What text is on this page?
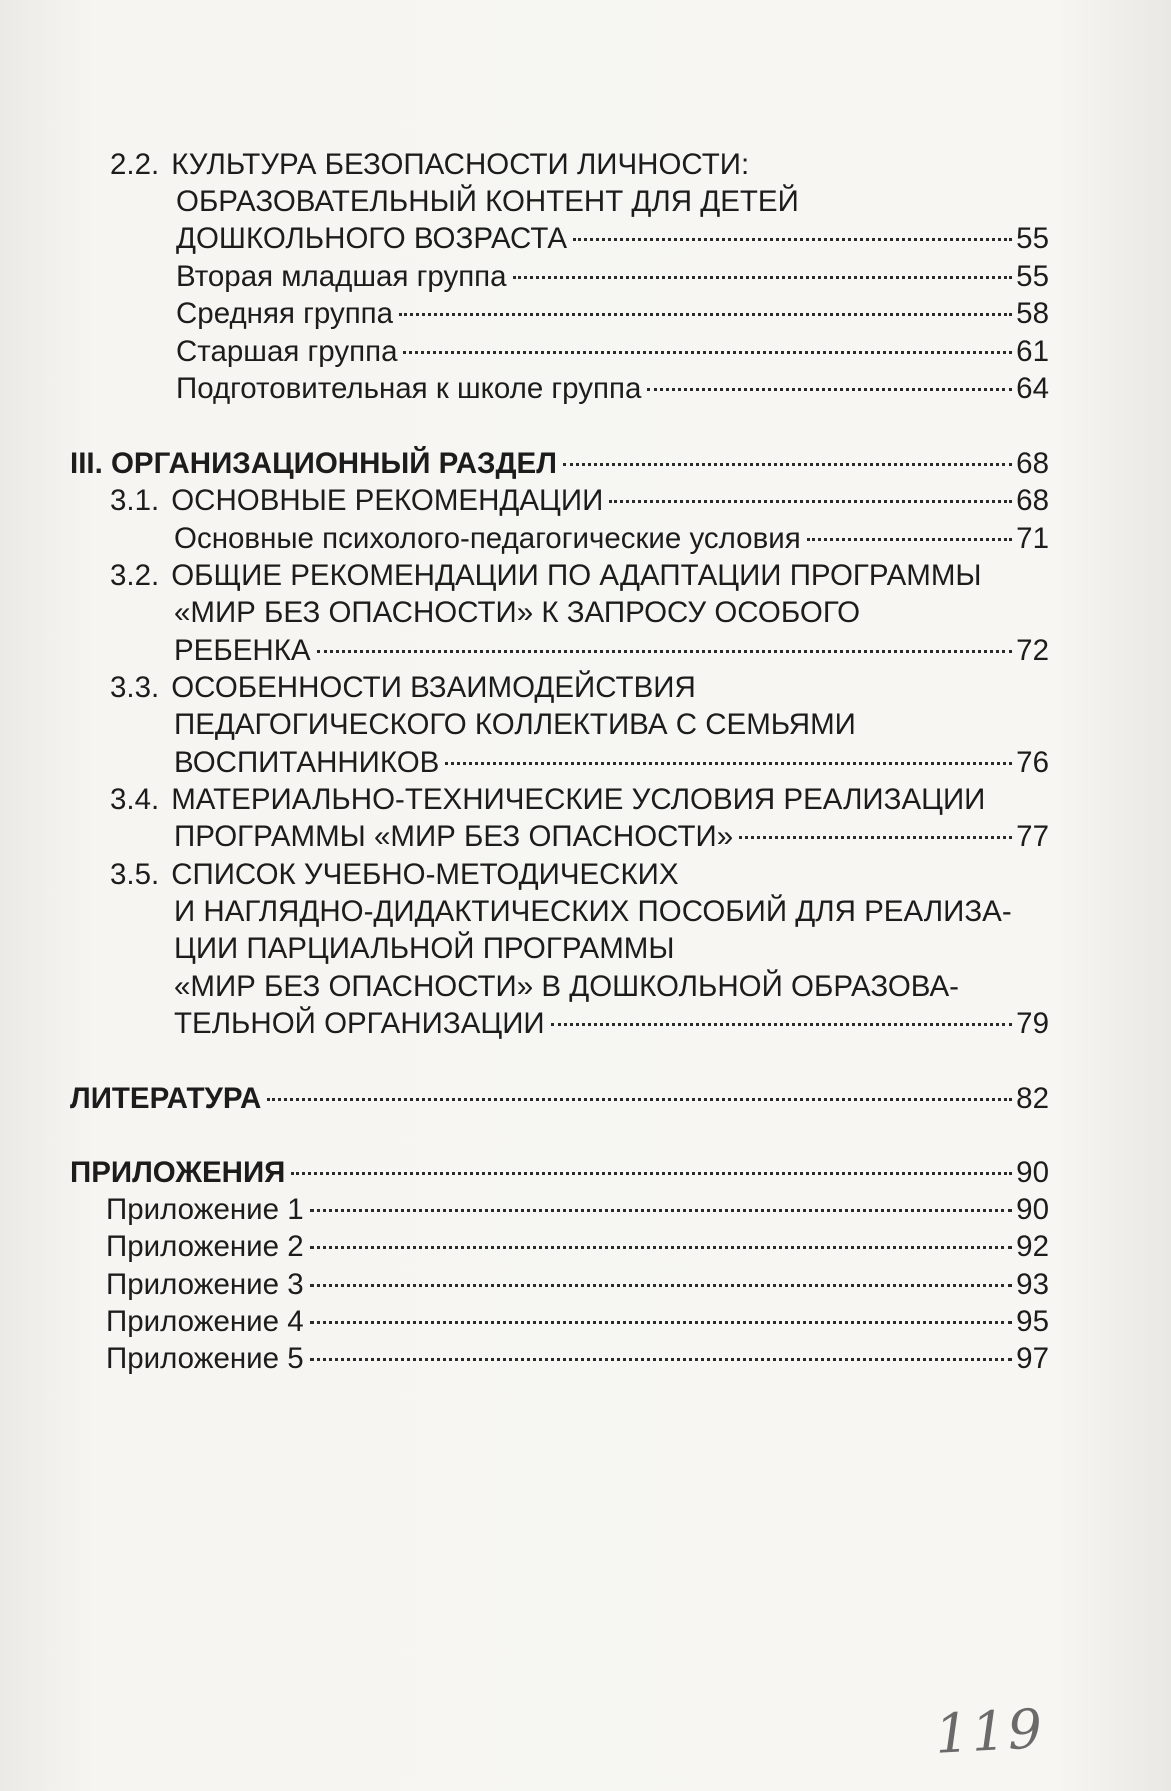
2.2. КУЛЬТУРА БЕЗОПАСНОСТИ ЛИЧНОСТИ:
ОБРАЗОВАТЕЛЬНЫЙ КОНТЕНТ ДЛЯ ДЕТЕЙ
ДОШКОЛЬНОГО ВОЗРАСТА	55
Вторая младшая группа	55
Средняя группа	58
Старшая группа	61
Подготовительная к школе группа	64
III. ОРГАНИЗАЦИОННЫЙ РАЗДЕЛ	68
3.1. ОСНОВНЫЕ РЕКОМЕНДАЦИИ	68
Основные психолого-педагогические условия	71
3.2. ОБЩИЕ РЕКОМЕНДАЦИИ ПО АДАПТАЦИИ ПРОГРАММЫ
«МИР БЕЗ ОПАСНОСТИ» К ЗАПРОСУ ОСОБОГО
РЕБЕНКА	72
3.3. ОСОБЕННОСТИ ВЗАИМОДЕЙСТВИЯ
ПЕДАГОГИЧЕСКОГО КОЛЛЕКТИВА С СЕМЬЯМИ
ВОСПИТАННИКОВ	76
3.4. МАТЕРИАЛЬНО-ТЕХНИЧЕСКИЕ УСЛОВИЯ РЕАЛИЗАЦИИ
ПРОГРАММЫ «МИР БЕЗ ОПАСНОСТИ»	77
3.5. СПИСОК УЧЕБНО-МЕТОДИЧЕСКИХ
И НАГЛЯДНО-ДИДАКТИЧЕСКИХ ПОСОБИЙ ДЛЯ РЕАЛИЗА-
ЦИИ ПАРЦИАЛЬНОЙ ПРОГРАММЫ
«МИР БЕЗ ОПАСНОСТИ» В ДОШКОЛЬНОЙ ОБРАЗОВА-
ТЕЛЬНОЙ ОРГАНИЗАЦИИ	79
ЛИТЕРАТУРА	82
ПРИЛОЖЕНИЯ	90
Приложение 1	90
Приложение 2	92
Приложение 3	93
Приложение 4	95
Приложение 5	97
119
